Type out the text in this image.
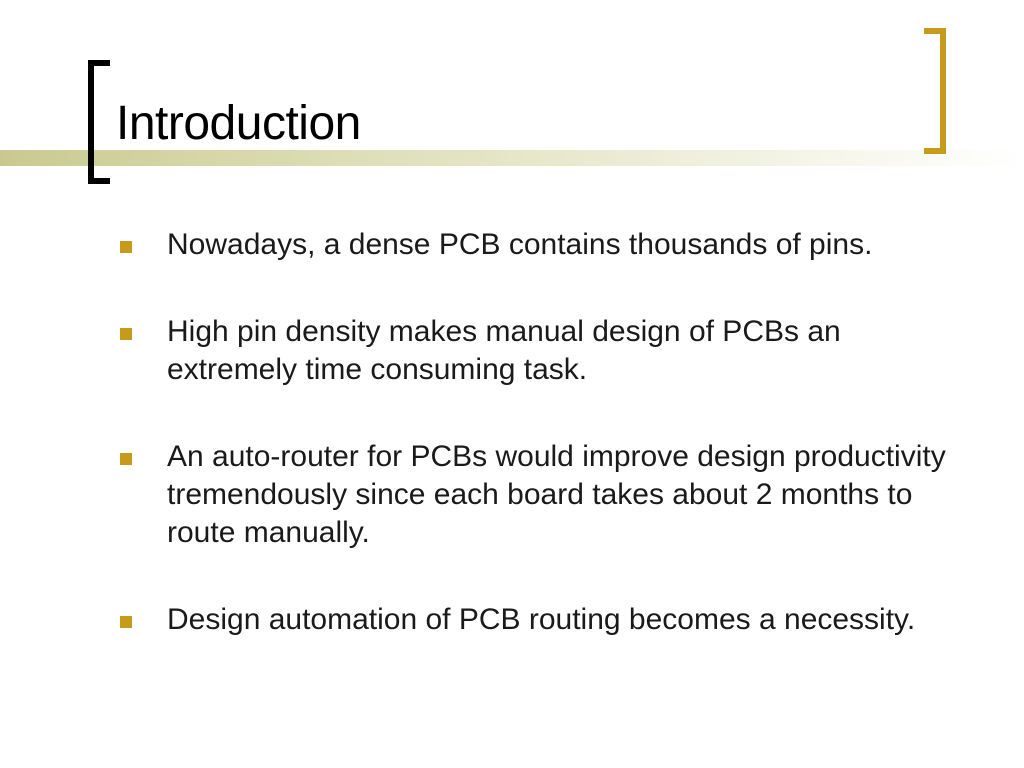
Introduction
Nowadays, a dense PCB contains thousands of pins.
High pin density makes manual design of PCBs an extremely time consuming task.
An auto-router for PCBs would improve design productivity tremendously since each board takes about 2 months to route manually.
Design automation of PCB routing becomes a necessity.
